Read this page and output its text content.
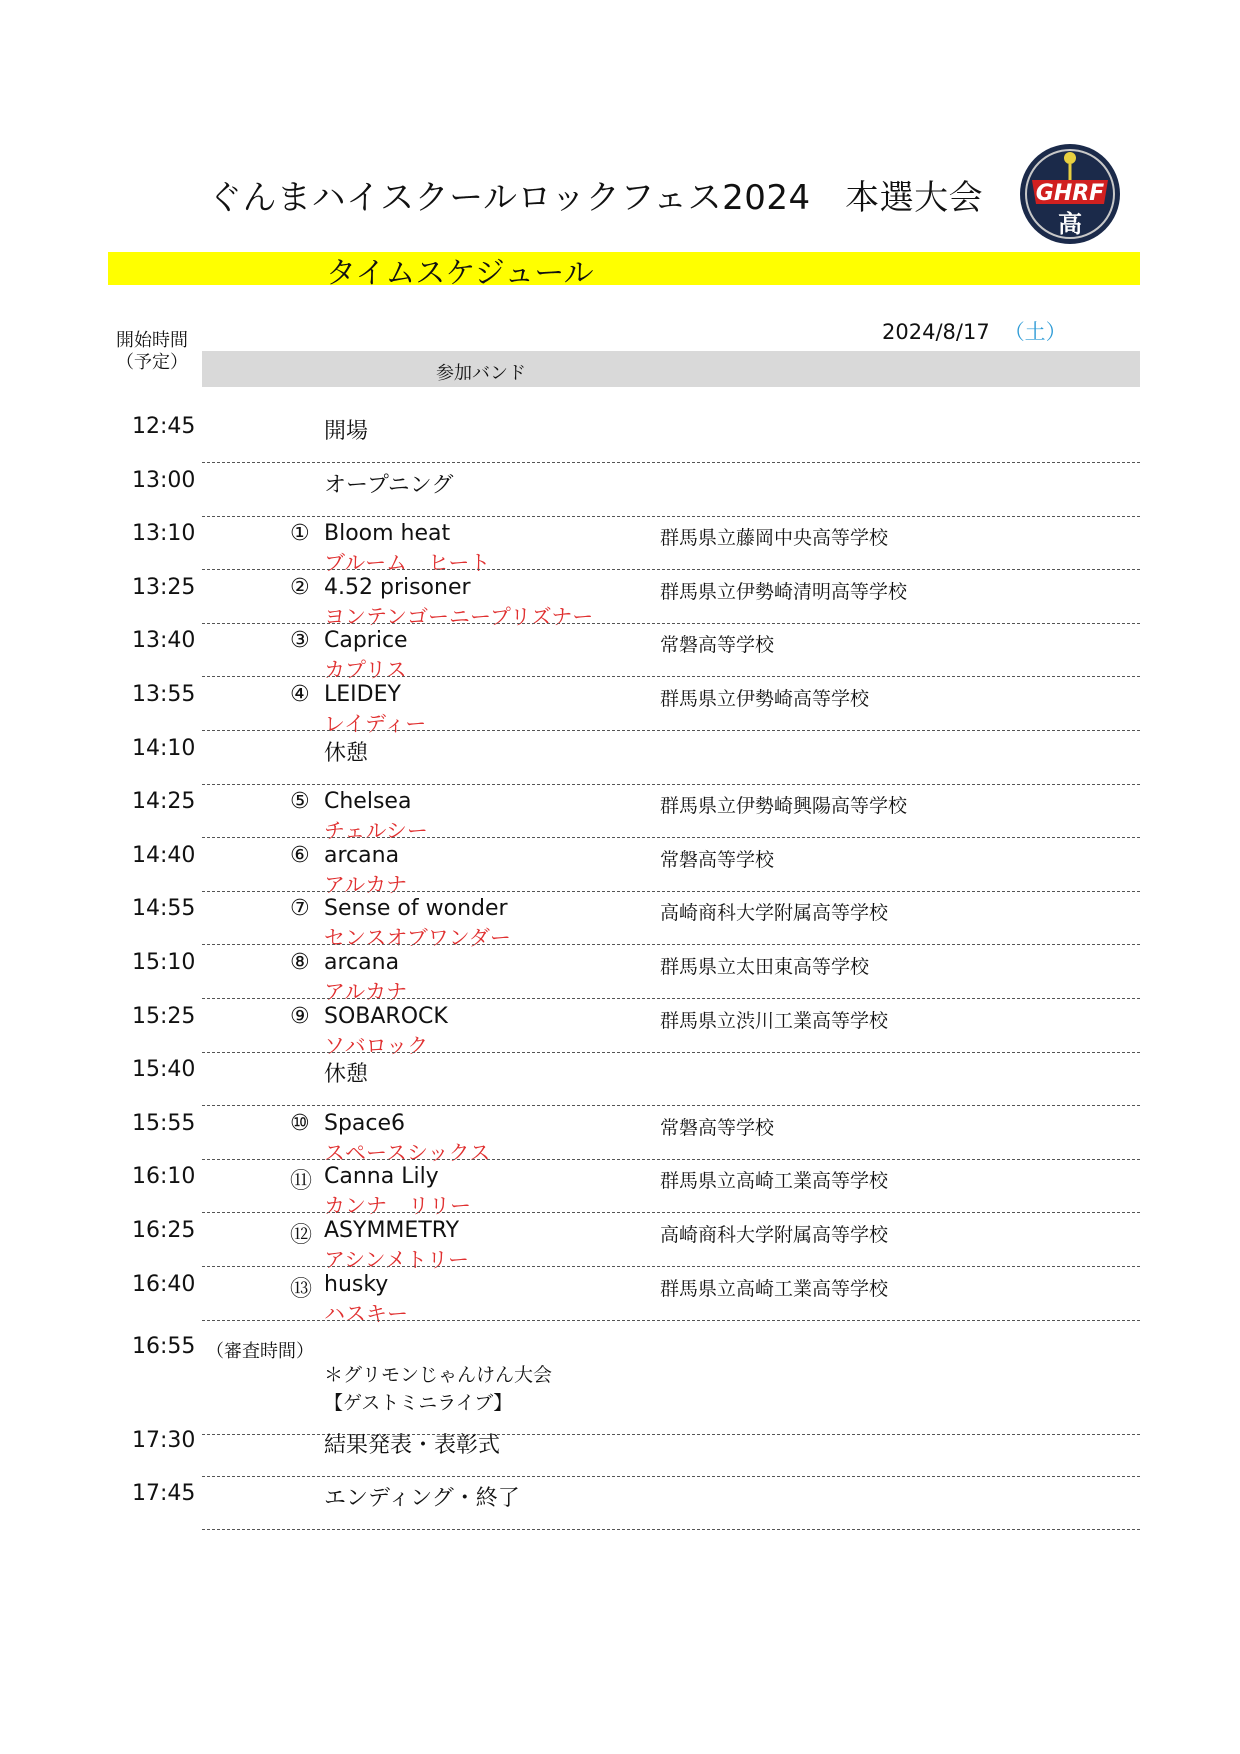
ぐんまハイスクールロックフェス2024　本選大会 GHRF
高
タイムスケジュール
2024/8/17 （土）
開始時間
（予定）
参加バンド
12:45	開場
13:00	オープニング
13:10	① Bloom heat
ブルーム　ヒート
群馬県立藤岡中央高等学校
13:25	② 4.52 prisoner
ヨンテンゴーニープリズナー
群馬県立伊勢崎清明高等学校
13:40	③ Caprice
カプリス
常磐高等学校
13:55	④ LEIDEY
レイディー
群馬県立伊勢崎高等学校
14:10	休憩
14:25	⑤ Chelsea
チェルシー
群馬県立伊勢崎興陽高等学校
14:40	⑥ arcana
アルカナ
常磐高等学校
14:55	⑦ Sense of wonder
センスオブワンダー
高崎商科大学附属高等学校
15:10	⑧ arcana
アルカナ
群馬県立太田東高等学校
15:25	⑨ SOBAROCK
ソバロック
群馬県立渋川工業高等学校
15:40	休憩
15:55	⑩ Space6
スペースシックス
常磐高等学校
16:10	⑪ Canna Lily
カンナ　リリー
群馬県立高崎工業高等学校
16:25	⑫ ASYMMETRY
アシンメトリー
高崎商科大学附属高等学校
16:40	⑬ husky
ハスキー
群馬県立高崎工業高等学校
16:55 （審査時間）
＊グリモンじゃんけん大会
【ゲストミニライブ】
17:30	結果発表・表彰式
17:45	エンディング・終了
